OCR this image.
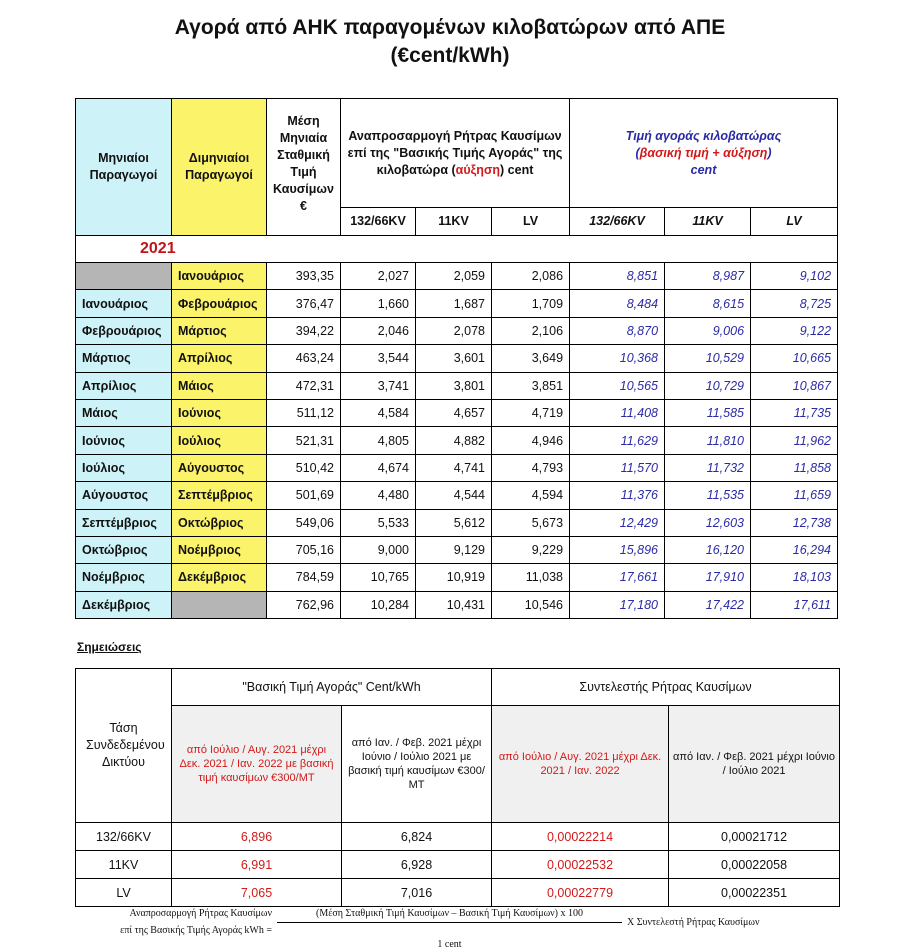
Αγορά από ΑΗΚ παραγομένων κιλοβατώρων από ΑΠΕ
(€cent/kWh)
Μηνιαίοι Παραγωγοί	Διμηνιαίοι Παραγωγοί	Μέση Μηνιαία Σταθμική Τιμή Καυσίμων €	Αναπροσαρμογή Ρήτρας Καυσίμων επί της "Βασικής Τιμής Αγοράς" της κιλοβατώρα (αύξηση) cent			Τιμή αγοράς κιλοβατώρας
(βασική τιμή + αύξηση)
cent		

			132/66KV	11KV	LV	132/66KV	11KV	LV
2021								
	Ιανουάριος	393,35	2,027	2,059	2,086	8,851	8,987	9,102
Ιανουάριος	Φεβρουάριος	376,47	1,660	1,687	1,709	8,484	8,615	8,725
Φεβρουάριος	Μάρτιος	394,22	2,046	2,078	2,106	8,870	9,006	9,122
Μάρτιος	Απρίλιος	463,24	3,544	3,601	3,649	10,368	10,529	10,665
Απρίλιος	Μάιος	472,31	3,741	3,801	3,851	10,565	10,729	10,867
Μάιος	Ιούνιος	511,12	4,584	4,657	4,719	11,408	11,585	11,735
Ιούνιος	Ιούλιος	521,31	4,805	4,882	4,946	11,629	11,810	11,962
Ιούλιος	Αύγουστος	510,42	4,674	4,741	4,793	11,570	11,732	11,858
Αύγουστος	Σεπτέμβριος	501,69	4,480	4,544	4,594	11,376	11,535	11,659
Σεπτέμβριος	Οκτώβριος	549,06	5,533	5,612	5,673	12,429	12,603	12,738
Οκτώβριος	Νοέμβριος	705,16	9,000	9,129	9,229	15,896	16,120	16,294
Νοέμβριος	Δεκέμβριος	784,59	10,765	10,919	11,038	17,661	17,910	18,103
Δεκέμβριος		762,96	10,284	10,431	10,546	17,180	17,422	17,611
Σημειώσεις
Τάση Συνδεδεμένου Δικτύου	"Βασική Τιμή Αγοράς" Cent/kWh		Συντελεστής Ρήτρας Καυσίμων	
	από Ιούλιο / Αυγ. 2021 μέχρι Δεκ. 2021 / Ιαν. 2022 με βασική τιμή καυσίμων €300/ΜΤ	από Ιαν. / Φεβ. 2021 μέχρι Ιούνιο / Ιούλιο 2021 με βασική τιμή καυσίμων €300/ΜΤ	από Ιούλιο / Αυγ. 2021 μέχρι Δεκ. 2021 / Ιαν. 2022	από Ιαν. / Φεβ. 2021 μέχρι Ιούνιο / Ιούλιο 2021
132/66KV	6,896	6,824	0,00022214	0,00021712
11KV	6,991	6,928	0,00022532	0,00022058
LV	7,065	7,016	0,00022779	0,00022351
Αναπροσαρμογή Ρήτρας Καυσίμων
επί της Βασικής Τιμής Αγοράς kWh =
(Μέση Σταθμική Τιμή Καυσίμων – Βασική Τιμή Καυσίμων) x 100
1 cent
X Συντελεστή Ρήτρας Καυσίμων
